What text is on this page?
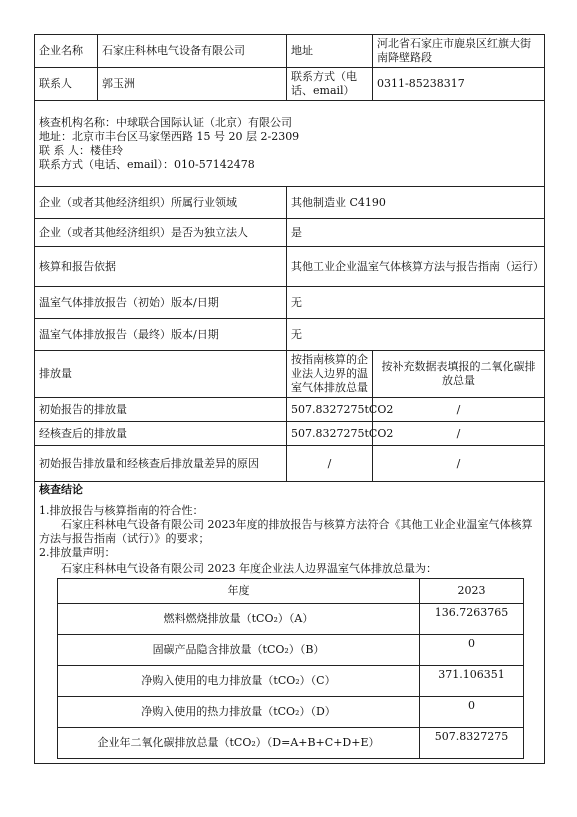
企业名称	石家庄科林电气设备有限公司	地址	河北省石家庄市鹿泉区红旗大街南降壁路段
联系人	郭玉洲	联系方式（电话、email）	0311-85238317

核查机构名称：中球联合国际认证（北京）有限公司
地址：北京市丰台区马家堡西路 15 号 20 层 2-2309
联 系 人：楼佳玲
联系方式（电话、email）：010-57142478

企业（或者其他经济组织）所属行业领域	其他制造业 C4190
企业（或者其他经济组织）是否为独立法人	是
核算和报告依据	其他工业企业温室气体核算方法与报告指南（运行）
温室气体排放报告（初始）版本/日期	无
温室气体排放报告（最终）版本/日期	无
排放量	按指南核算的企业法人边界的温室气体排放总量	按补充数据表填报的二氧化碳排放总量
初始报告的排放量	507.8327275tCO2	/
经核查后的排放量	507.8327275tCO2	/
初始报告排放量和经核查后排放量差异的原因	/	/

核查结论
1.排放报告与核算指南的符合性：
石家庄科林电气设备有限公司 2023年度的排放报告与核算方法符合《其他工业企业温室气体核算方法与报告指南（试行）》的要求；
2.排放量声明：
石家庄科林电气设备有限公司 2023 年度企业法人边界温室气体排放总量为：
年度	2023
燃料燃烧排放量（tCO₂）（A）	136.7263765
固碳产品隐含排放量（tCO₂）（B）	0
净购入使用的电力排放量（tCO₂）（C）	371.106351
净购入使用的热力排放量（tCO₂）（D）	0
企业年二氧化碳排放总量（tCO₂）（D=A+B+C+D+E）	507.8327275
